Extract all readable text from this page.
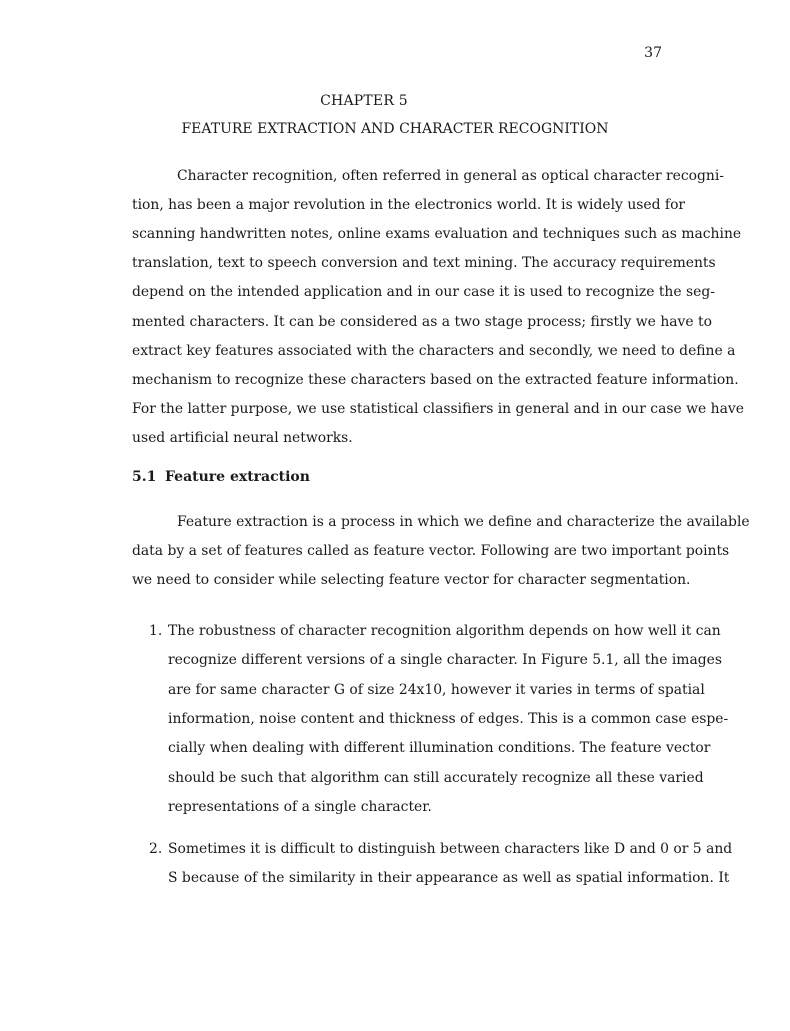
37
CHAPTER 5
FEATURE EXTRACTION AND CHARACTER RECOGNITION
Character recognition, often referred in general as optical character recogni-
tion, has been a major revolution in the electronics world. It is widely used for
scanning handwritten notes, online exams evaluation and techniques such as machine
translation, text to speech conversion and text mining. The accuracy requirements
depend on the intended application and in our case it is used to recognize the seg-
mented characters. It can be considered as a two stage process; firstly we have to
extract key features associated with the characters and secondly, we need to define a
mechanism to recognize these characters based on the extracted feature information.
For the latter purpose, we use statistical classifiers in general and in our case we have
used artificial neural networks.
5.1 Feature extraction
Feature extraction is a process in which we define and characterize the available
data by a set of features called as feature vector. Following are two important points
we need to consider while selecting feature vector for character segmentation.
1. The robustness of character recognition algorithm depends on how well it can
recognize different versions of a single character. In Figure 5.1, all the images
are for same character G of size 24x10, however it varies in terms of spatial
information, noise content and thickness of edges. This is a common case espe-
cially when dealing with different illumination conditions. The feature vector
should be such that algorithm can still accurately recognize all these varied
representations of a single character.
2. Sometimes it is difficult to distinguish between characters like D and 0 or 5 and
S because of the similarity in their appearance as well as spatial information. It
